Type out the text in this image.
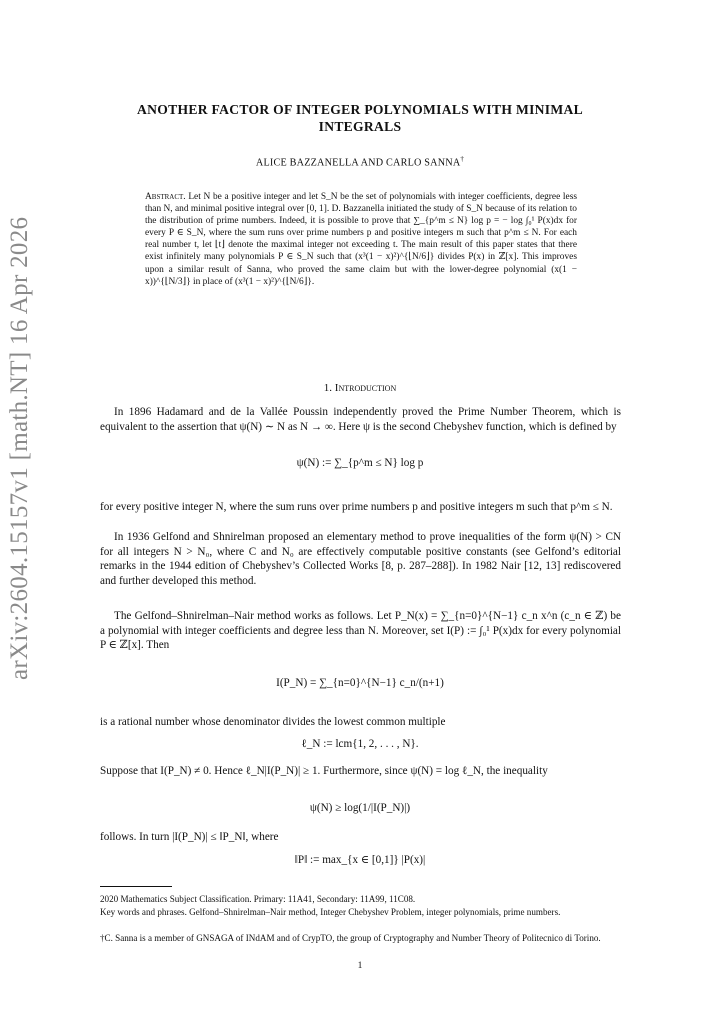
arXiv:2604.15157v1 [math.NT] 16 Apr 2026
ANOTHER FACTOR OF INTEGER POLYNOMIALS WITH MINIMAL INTEGRALS
ALICE BAZZANELLA AND CARLO SANNA†
Abstract. Let N be a positive integer and let S_N be the set of polynomials with integer coefficients, degree less than N, and minimal positive integral over [0, 1]. D. Bazzanella initiated the study of S_N because of its relation to the distribution of prime numbers. Indeed, it is possible to prove that ∑_{p^m ≤ N} log p = − log ∫₀¹ P(x)dx for every P ∈ S_N, where the sum runs over prime numbers p and positive integers m such that p^m ≤ N. For each real number t, let ⌊t⌋ denote the maximal integer not exceeding t. The main result of this paper states that there exist infinitely many polynomials P ∈ S_N such that (x³(1 − x)²)^{⌊N/6⌋} divides P(x) in ℤ[x]. This improves upon a similar result of Sanna, who proved the same claim but with the lower-degree polynomial (x(1 − x))^{⌊N/3⌋} in place of (x³(1 − x)²)^{⌊N/6⌋}.
1. Introduction
In 1896 Hadamard and de la Vallée Poussin independently proved the Prime Number Theorem, which is equivalent to the assertion that ψ(N) ∼ N as N → ∞. Here ψ is the second Chebyshev function, which is defined by
ψ(N) := ∑_{p^m ≤ N} log p
for every positive integer N, where the sum runs over prime numbers p and positive integers m such that p^m ≤ N.
In 1936 Gelfond and Shnirelman proposed an elementary method to prove inequalities of the form ψ(N) > CN for all integers N > N₀, where C and N₀ are effectively computable positive constants (see Gelfond’s editorial remarks in the 1944 edition of Chebyshev’s Collected Works [8, p. 287–288]). In 1982 Nair [12, 13] rediscovered and further developed this method.
The Gelfond–Shnirelman–Nair method works as follows. Let P_N(x) = ∑_{n=0}^{N−1} c_n x^n (c_n ∈ ℤ) be a polynomial with integer coefficients and degree less than N. Moreover, set I(P) := ∫₀¹ P(x)dx for every polynomial P ∈ ℤ[x]. Then
I(P_N) = ∑_{n=0}^{N−1} c_n/(n+1)
is a rational number whose denominator divides the lowest common multiple
ℓ_N := lcm{1, 2, . . . , N}.
Suppose that I(P_N) ≠ 0. Hence ℓ_N|I(P_N)| ≥ 1. Furthermore, since ψ(N) = log ℓ_N, the inequality
ψ(N) ≥ log(1/|I(P_N)|)
follows. In turn |I(P_N)| ≤ ‖P_N‖, where
‖P‖ := max_{x ∈ [0,1]} |P(x)|
2020 Mathematics Subject Classification. Primary: 11A41, Secondary: 11A99, 11C08.
Key words and phrases. Gelfond–Shnirelman–Nair method, Integer Chebyshev Problem, integer polynomials, prime numbers.
†C. Sanna is a member of GNSAGA of INdAM and of CrypTO, the group of Cryptography and Number Theory of Politecnico di Torino.
1
